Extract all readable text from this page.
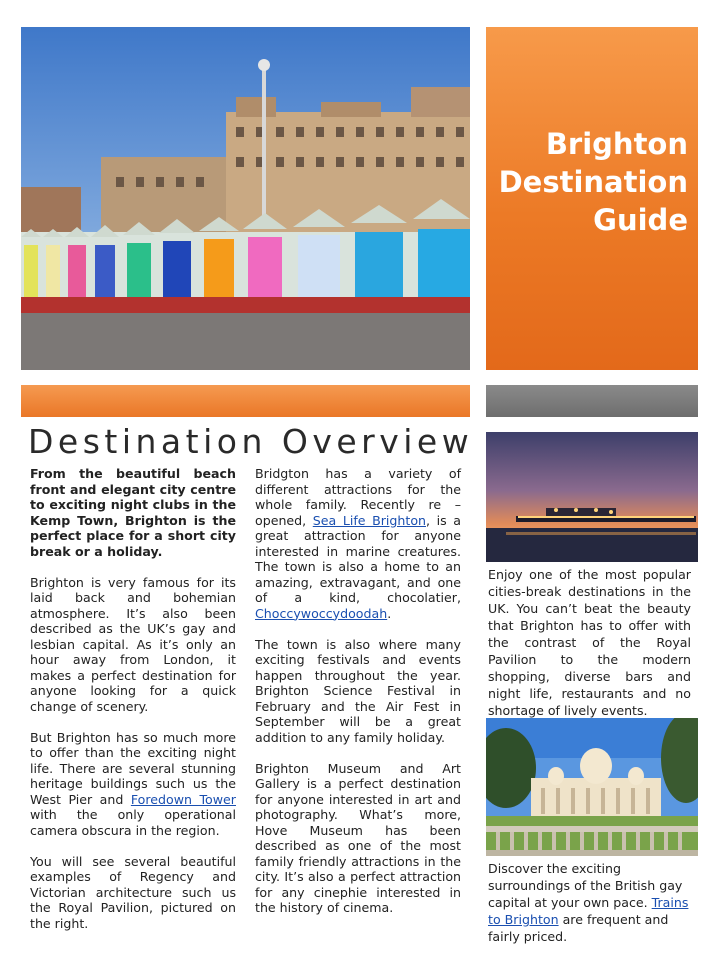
Brighton
Destination
Guide
Destination Overview

From the beautiful beach front and elegant city centre to exciting night clubs in the Kemp Town, Brighton is the perfect place for a short city break or a holiday.

Brighton is very famous for its laid back and bohemian atmosphere. It’s also been described as the UK’s gay and lesbian capital. As it’s only an hour away from London, it makes a perfect destination for anyone looking for a quick change of scenery.

But Brighton has so much more to offer than the exciting night life. There are several stunning heritage buildings such us the West Pier and Foredown Tower with the only operational camera obscura in the region.

You will see several beautiful examples of Regency and Victorian architecture such us the Royal Pavilion, pictured on the right.

Bridgton has a variety of different attractions for the whole family. Recently re – opened, Sea Life Brighton, is a great attraction for anyone interested in marine creatures. The town is also a home to an amazing, extravagant, and one of a kind, chocolatier, Choccywoccydoodah.

The town is also where many exciting festivals and events happen throughout the year. Brighton Science Festival in February and the Air Fest in September will be a great addition to any family holiday.

Brighton Museum and Art Gallery is a perfect destination for anyone interested in art and photography. What’s more, Hove Museum has been described as one of the most family friendly attractions in the city. It’s also a perfect attraction for any cinephie interested in the history of cinema.

Enjoy one of the most popular cities-break destinations in the UK. You can’t beat the beauty that Brighton has to offer with the contrast of the Royal Pavilion to the modern shopping, diverse bars and night life, restaurants and no shortage of lively events.
Discover the exciting surroundings of the British gay capital at your own pace. Trains to Brighton are frequent and fairly priced.
